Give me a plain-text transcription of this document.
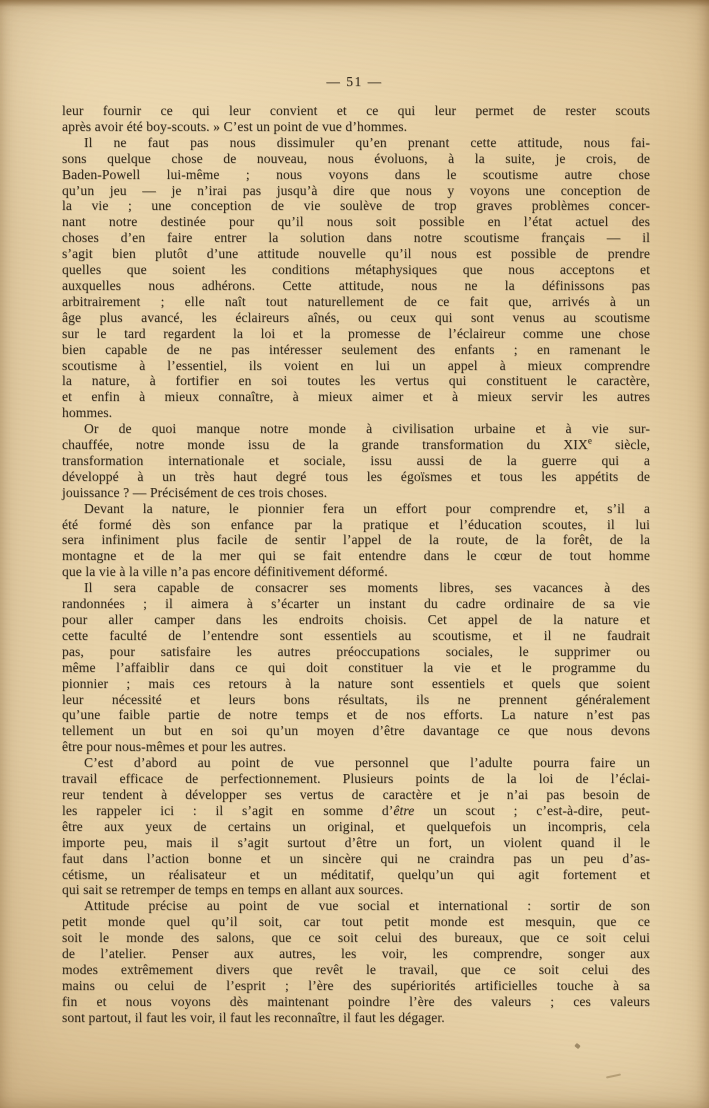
— 51 —

leur fournir ce qui leur convient et ce qui leur permet de rester scouts
après avoir été boy-scouts. » C’est un point de vue d’hommes.

Il ne faut pas nous dissimuler qu’en prenant cette attitude, nous fai-
sons quelque chose de nouveau, nous évoluons, à la suite, je crois, de
Baden-Powell lui-même ; nous voyons dans le scoutisme autre chose
qu’un jeu — je n’irai pas jusqu’à dire que nous y voyons une conception de
la vie ; une conception de vie soulève de trop graves problèmes concer-
nant notre destinée pour qu’il nous soit possible en l’état actuel des
choses d’en faire entrer la solution dans notre scoutisme français — il
s’agit bien plutôt d’une attitude nouvelle qu’il nous est possible de prendre
quelles que soient les conditions métaphysiques que nous acceptons et
auxquelles nous adhérons. Cette attitude, nous ne la définissons pas
arbitrairement ; elle naît tout naturellement de ce fait que, arrivés à un
âge plus avancé, les éclaireurs aînés, ou ceux qui sont venus au scoutisme
sur le tard regardent la loi et la promesse de l’éclaireur comme une chose
bien capable de ne pas intéresser seulement des enfants ; en ramenant le
scoutisme à l’essentiel, ils voient en lui un appel à mieux comprendre
la nature, à fortifier en soi toutes les vertus qui constituent le caractère,
et enfin à mieux connaître, à mieux aimer et à mieux servir les autres
hommes.

Or de quoi manque notre monde à civilisation urbaine et à vie sur-
chauffée, notre monde issu de la grande transformation du XIXe siècle,
transformation internationale et sociale, issu aussi de la guerre qui a
développé à un très haut degré tous les égoïsmes et tous les appétits de
jouissance ? — Précisément de ces trois choses.

Devant la nature, le pionnier fera un effort pour comprendre et, s’il a
été formé dès son enfance par la pratique et l’éducation scoutes, il lui
sera infiniment plus facile de sentir l’appel de la route, de la forêt, de la
montagne et de la mer qui se fait entendre dans le cœur de tout homme
que la vie à la ville n’a pas encore définitivement déformé.

Il sera capable de consacrer ses moments libres, ses vacances à des
randonnées ; il aimera à s’écarter un instant du cadre ordinaire de sa vie
pour aller camper dans les endroits choisis. Cet appel de la nature et
cette faculté de l’entendre sont essentiels au scoutisme, et il ne faudrait
pas, pour satisfaire les autres préoccupations sociales, le supprimer ou
même l’affaiblir dans ce qui doit constituer la vie et le programme du
pionnier ; mais ces retours à la nature sont essentiels et quels que soient
leur nécessité et leurs bons résultats, ils ne prennent généralement
qu’une faible partie de notre temps et de nos efforts. La nature n’est pas
tellement un but en soi qu’un moyen d’être davantage ce que nous devons
être pour nous-mêmes et pour les autres.

C’est d’abord au point de vue personnel que l’adulte pourra faire un
travail efficace de perfectionnement. Plusieurs points de la loi de l’éclai-
reur tendent à développer ses vertus de caractère et je n’ai pas besoin de
les rappeler ici : il s’agit en somme d’être un scout ; c’est-à-dire, peut-
être aux yeux de certains un original, et quelquefois un incompris, cela
importe peu, mais il s’agit surtout d’être un fort, un violent quand il le
faut dans l’action bonne et un sincère qui ne craindra pas un peu d’as-
cétisme, un réalisateur et un méditatif, quelqu’un qui agit fortement et
qui sait se retremper de temps en temps en allant aux sources.

Attitude précise au point de vue social et international : sortir de son
petit monde quel qu’il soit, car tout petit monde est mesquin, que ce
soit le monde des salons, que ce soit celui des bureaux, que ce soit celui
de l’atelier. Penser aux autres, les voir, les comprendre, songer aux
modes extrêmement divers que revêt le travail, que ce soit celui des
mains ou celui de l’esprit ; l’ère des supériorités artificielles touche à sa
fin et nous voyons dès maintenant poindre l’ère des valeurs ; ces valeurs
sont partout, il faut les voir, il faut les reconnaître, il faut les dégager.
